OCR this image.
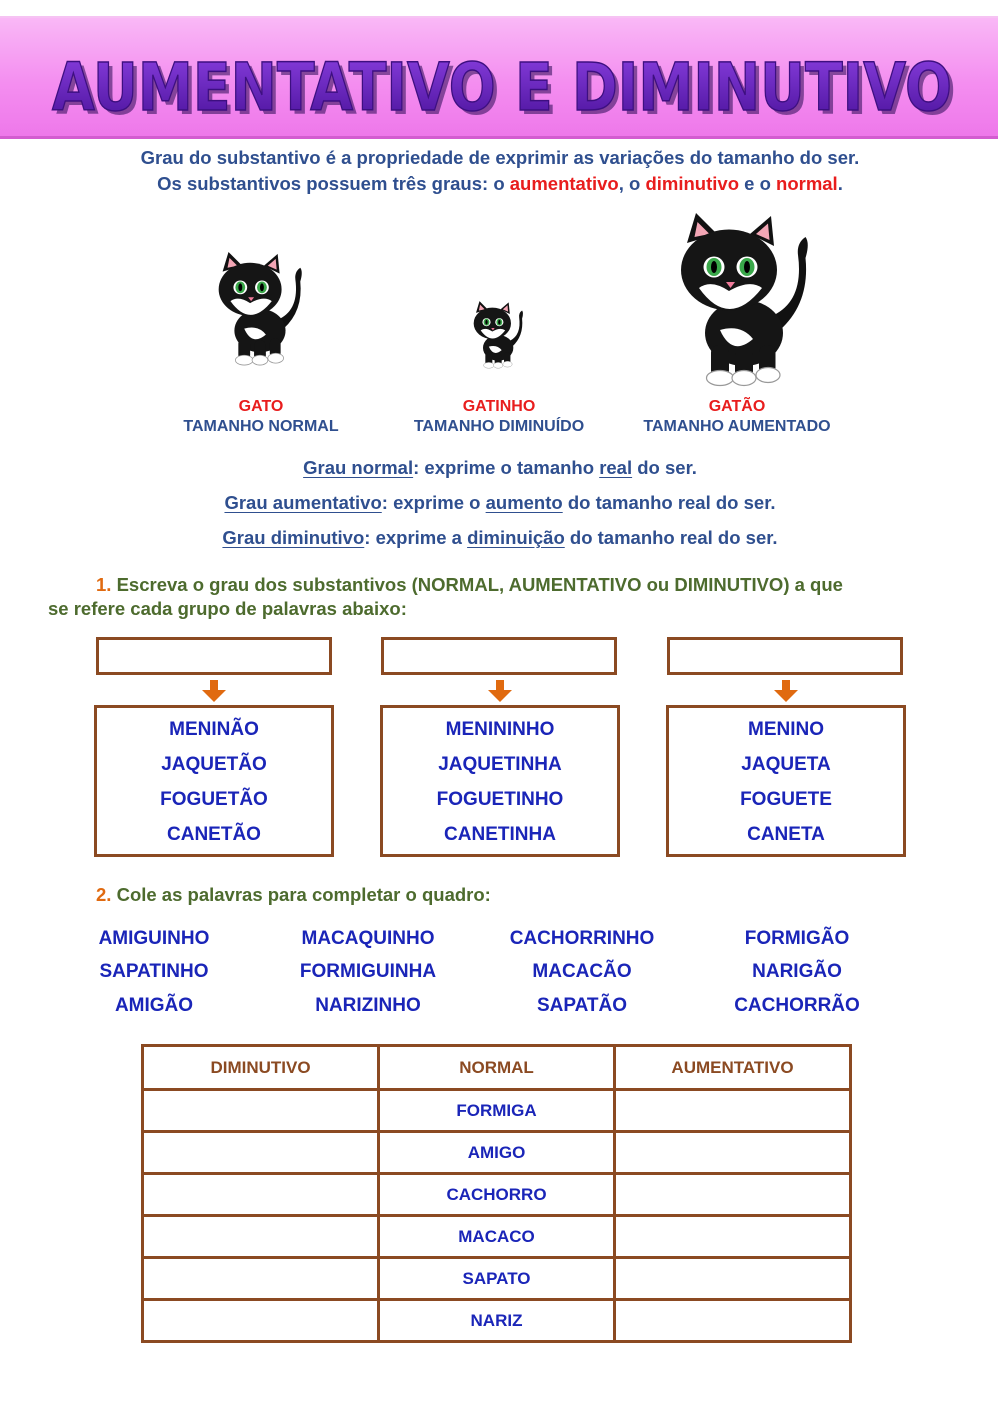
AUMENTATIVO E DIMINUTIVO
AUMENTATIVO E DIMINUTIVO
Grau do substantivo é a propriedade de exprimir as variações do tamanho do ser.
Os substantivos possuem três graus: o aumentativo, o diminutivo e o normal.
GATO
TAMANHO NORMAL
GATINHO
TAMANHO DIMINUÍDO
GATÃO
TAMANHO AUMENTADO
Grau normal: exprime o tamanho real do ser.
Grau aumentativo: exprime o aumento do tamanho real do ser.
Grau diminutivo: exprime a diminuição do tamanho real do ser.
1. Escreva o grau dos substantivos (NORMAL, AUMENTATIVO ou DIMINUTIVO) a que
se refere cada grupo de palavras abaixo:
MENINÃO
JAQUETÃO
FOGUETÃO
CANETÃO
MENININHO
JAQUETINHA
FOGUETINHO
CANETINHA
MENINO
JAQUETA
FOGUETE
CANETA
2. Cole as palavras para completar o quadro:
AMIGUINHO	MACAQUINHO	CACHORRINHO	FORMIGÃO
SAPATINHO	FORMIGUINHA	MACACÃO	NARIGÃO
AMIGÃO	NARIZINHO	SAPATÃO	CACHORRÃO
DIMINUTIVO	NORMAL	AUMENTATIVO
	FORMIGA	
	AMIGO	
	CACHORRO	
	MACACO	
	SAPATO	
	NARIZ	
